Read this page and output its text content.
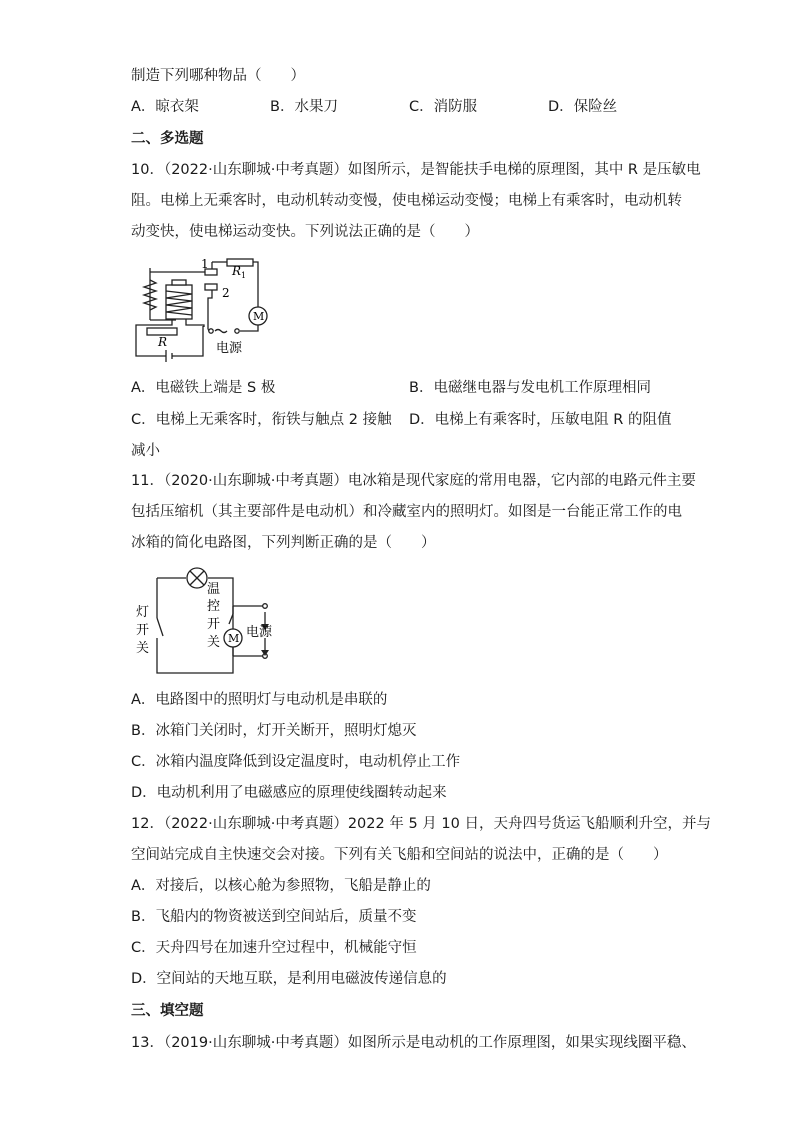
制造下列哪种物品（　　）
A．晾衣架	B．水果刀	C．消防服	D．保险丝
二、多选题
10．（2022·山东聊城·中考真题）如图所示，是智能扶手电梯的原理图，其中 R 是压敏电
阻。电梯上无乘客时，电动机转动变慢，使电梯运动变慢；电梯上有乘客时，电动机转
动变快，使电梯运动变快。下列说法正确的是（　　）
R 1
1
2
R
M
电源
A．电磁铁上端是 S 极	B．电磁继电器与发电机工作原理相同
C．电梯上无乘客时，衔铁与触点 2 接触 D．电梯上有乘客时，压敏电阻 R 的阻值
减小
11．（2020·山东聊城·中考真题）电冰箱是现代家庭的常用电器，它内部的电路元件主要
包括压缩机（其主要部件是电动机）和冷藏室内的照明灯。如图是一台能正常工作的电
冰箱的简化电路图，下列判断正确的是（　　）
温
控
开
关
灯
开
关
M 电源
A．电路图中的照明灯与电动机是串联的
B．冰箱门关闭时，灯开关断开，照明灯熄灭
C．冰箱内温度降低到设定温度时，电动机停止工作
D．电动机利用了电磁感应的原理使线圈转动起来
12．（2022·山东聊城·中考真题）2022 年 5 月 10 日，天舟四号货运飞船顺利升空，并与
空间站完成自主快速交会对接。下列有关飞船和空间站的说法中，正确的是（　　）
A．对接后，以核心舱为参照物，飞船是静止的
B．飞船内的物资被送到空间站后，质量不变
C．天舟四号在加速升空过程中，机械能守恒
D．空间站的天地互联，是利用电磁波传递信息的
三、填空题
13．（2019·山东聊城·中考真题）如图所示是电动机的工作原理图，如果实现线圈平稳、
